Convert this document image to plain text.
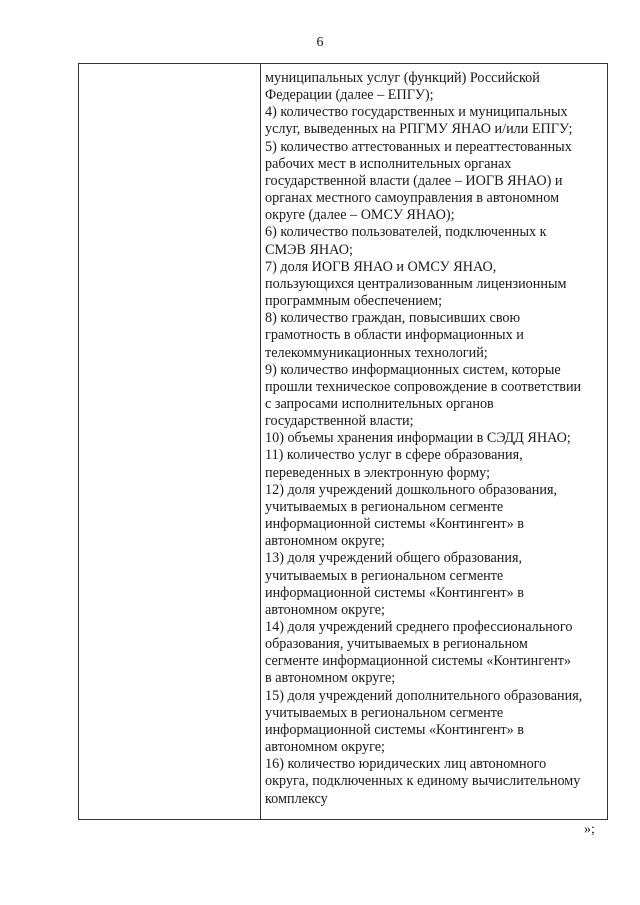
6

муниципальных услуг (функций) Российской
Федерации (далее – ЕПГУ);
4) количество государственных и муниципальных
услуг, выведенных на РПГМУ ЯНАО и/или ЕПГУ;
5) количество аттестованных и переаттестованных
рабочих мест в исполнительных органах
государственной власти (далее – ИОГВ ЯНАО) и
органах местного самоуправления в автономном
округе (далее – ОМСУ ЯНАО);
6) количество пользователей, подключенных к
СМЭВ ЯНАО;
7) доля ИОГВ ЯНАО и ОМСУ ЯНАО,
пользующихся централизованным лицензионным
программным обеспечением;
8) количество граждан, повысивших свою
грамотность в области информационных и
телекоммуникационных технологий;
9) количество информационных систем, которые
прошли техническое сопровождение в соответствии
с запросами исполнительных органов
государственной власти;
10) объемы хранения информации в СЭДД ЯНАО;
11) количество услуг в сфере образования,
переведенных в электронную форму;
12) доля учреждений дошкольного образования,
учитываемых в региональном сегменте
информационной системы «Контингент» в
автономном округе;
13) доля учреждений общего образования,
учитываемых в региональном сегменте
информационной системы «Контингент» в
автономном округе;
14) доля учреждений среднего профессионального
образования, учитываемых в региональном
сегменте информационной системы «Контингент»
в автономном округе;
15) доля учреждений дополнительного образования,
учитываемых в региональном сегменте
информационной системы «Контингент» в
автономном округе;
16) количество юридических лиц автономного
округа, подключенных к единому вычислительному
комплексу
»;
